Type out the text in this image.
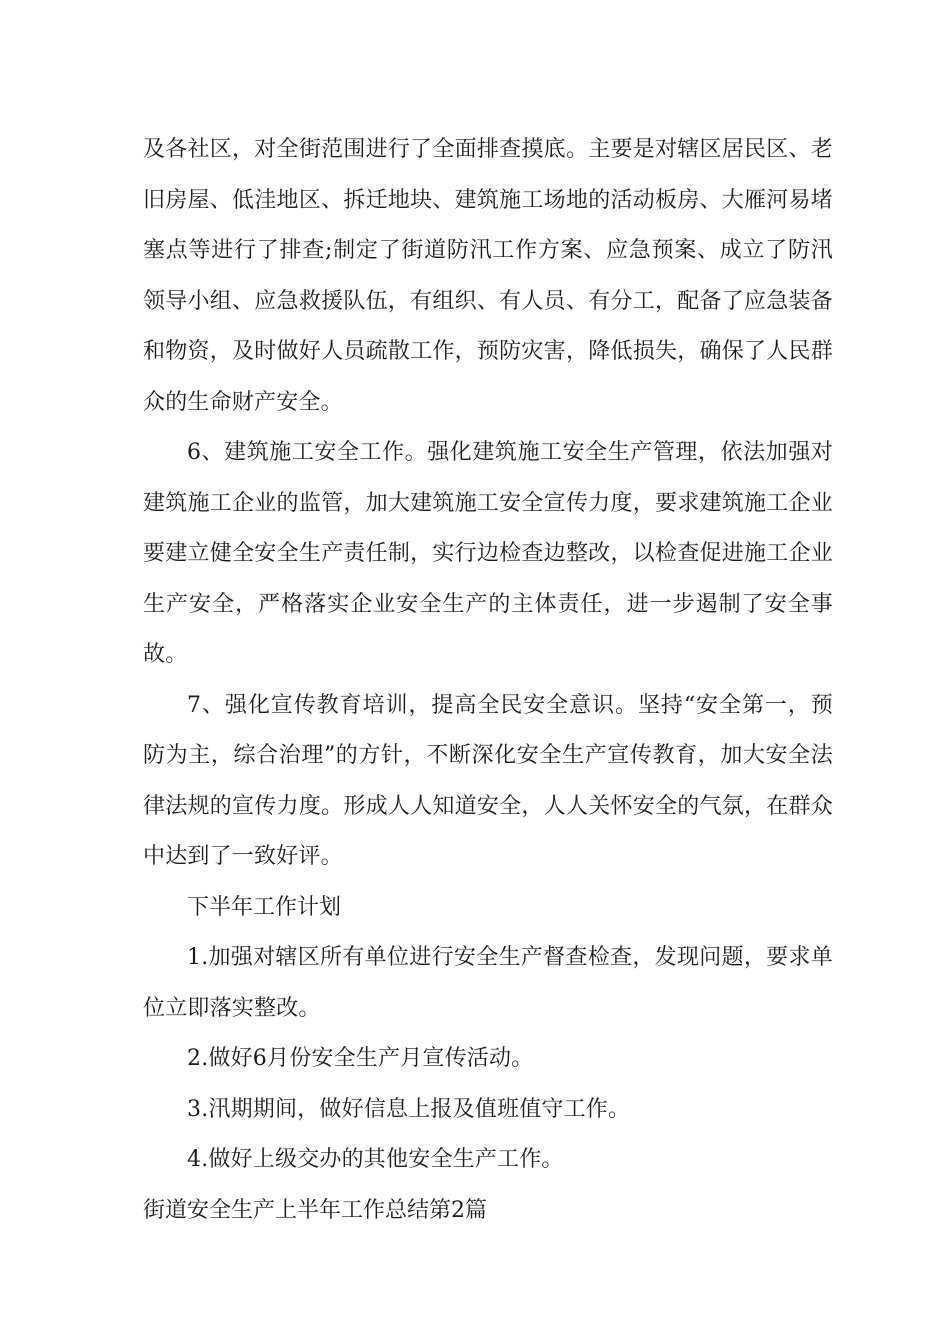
及各社区，对全街范围进行了全面排查摸底。主要是对辖区居民区、老旧房屋、低洼地区、拆迁地块、建筑施工场地的活动板房、大雁河易堵塞点等进行了排查;制定了街道防汛工作方案、应急预案、成立了防汛领导小组、应急救援队伍，有组织、有人员、有分工，配备了应急装备和物资，及时做好人员疏散工作，预防灾害，降低损失，确保了人民群众的生命财产安全。

6、建筑施工安全工作。强化建筑施工安全生产管理，依法加强对建筑施工企业的监管，加大建筑施工安全宣传力度，要求建筑施工企业要建立健全安全生产责任制，实行边检查边整改，以检查促进施工企业生产安全，严格落实企业安全生产的主体责任，进一步遏制了安全事故。

7、强化宣传教育培训，提高全民安全意识。坚持“安全第一，预防为主，综合治理”的方针，不断深化安全生产宣传教育，加大安全法律法规的宣传力度。形成人人知道安全，人人关怀安全的气氛，在群众中达到了一致好评。

下半年工作计划

1.加强对辖区所有单位进行安全生产督查检查，发现问题，要求单位立即落实整改。

2.做好6月份安全生产月宣传活动。

3.汛期期间，做好信息上报及值班值守工作。

4.做好上级交办的其他安全生产工作。

街道安全生产上半年工作总结第2篇
